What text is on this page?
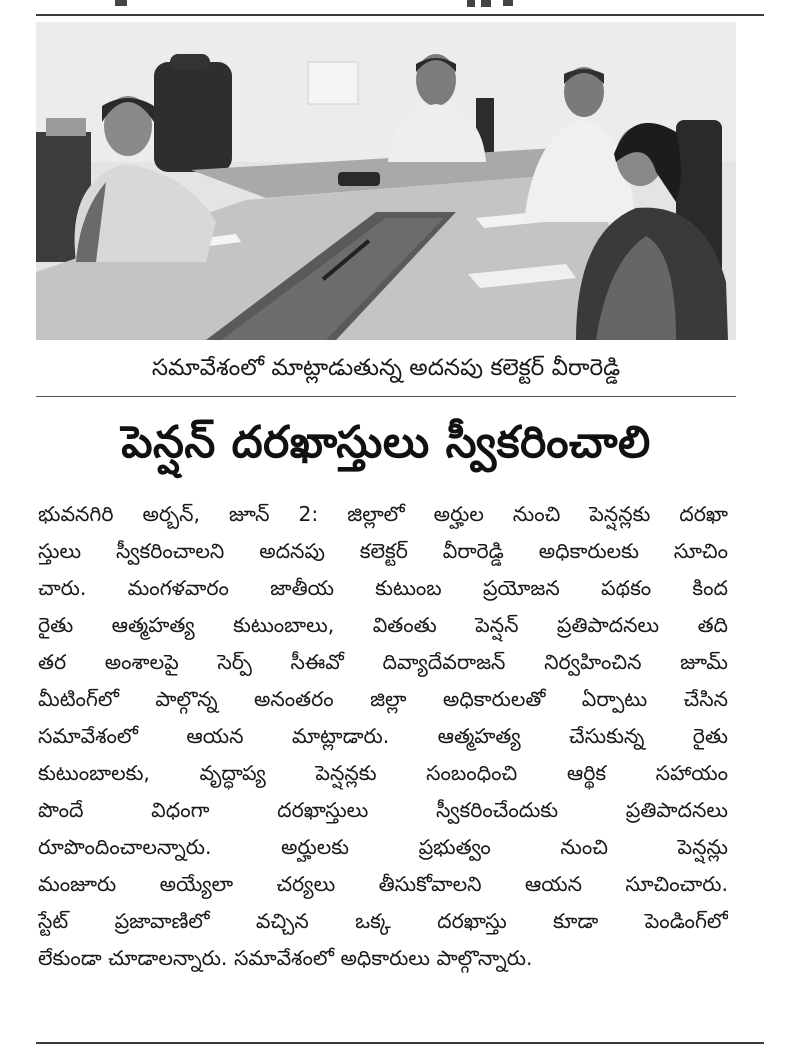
సమావేశంలో మాట్లాడుతున్న అదనపు కలెక్టర్ వీరారెడ్డి
పెన్షన్ దరఖాస్తులు స్వీకరించాలి
భువనగిరి అర్బన్, జూన్ 2: జిల్లాలో అర్హుల నుంచి పెన్షన్లకు దరఖా
స్తులు స్వీకరించాలని అదనపు కలెక్టర్ వీరారెడ్డి అధికారులకు సూచిం
చారు. మంగళవారం జాతీయ కుటుంబ ప్రయోజన పథకం కింద
రైతు ఆత్మహత్య కుటుంబాలు, వితంతు పెన్షన్ ప్రతిపాదనలు తది
తర అంశాలపై సెర్ప్ సీఈవో దివ్యాదేవరాజన్ నిర్వహించిన జూమ్
మీటింగ్‌లో పాల్గొన్న అనంతరం జిల్లా అధికారులతో ఏర్పాటు చేసిన
సమావేశంలో ఆయన మాట్లాడారు. ఆత్మహత్య చేసుకున్న రైతు
కుటుంబాలకు, వృద్ధాప్య పెన్షన్లకు సంబంధించి ఆర్థిక సహాయం
పొందే విధంగా దరఖాస్తులు స్వీకరించేందుకు ప్రతిపాదనలు
రూపొందించాలన్నారు. అర్హులకు ప్రభుత్వం నుంచి పెన్షన్లు
మంజూరు అయ్యేలా చర్యలు తీసుకోవాలని ఆయన సూచించారు.
స్టేట్ ప్రజావాణిలో వచ్చిన ఒక్క దరఖాస్తు కూడా పెండింగ్‌లో
లేకుండా చూడాలన్నారు. సమావేశంలో అధికారులు పాల్గొన్నారు.
